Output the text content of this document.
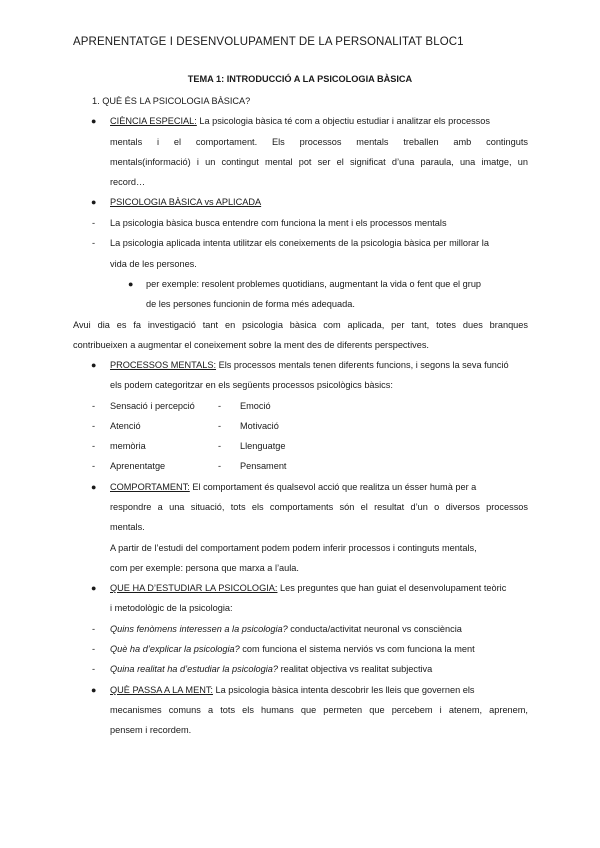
APRENENTATGE I DESENVOLUPAMENT DE LA PERSONALITAT BLOC1
TEMA 1: INTRODUCCIÓ A LA PSICOLOGIA BÀSICA
1. QUÈ ÉS LA PSICOLOGIA BÀSICA?
● CIÈNCIA ESPECIAL: La psicologia bàsica té com a objectiu estudiar i analitzar els processos
mentals i el comportament. Els processos mentals treballen amb continguts
mentals(informació) i un contingut mental pot ser el significat d’una paraula, una imatge, un
record…
● PSICOLOGIA BÀSICA vs APLICADA
- La psicologia bàsica busca entendre com funciona la ment i els processos mentals
- La psicologia aplicada intenta utilitzar els coneixements de la psicologia bàsica per millorar la
vida de les persones.
● per exemple: resolent problemes quotidians, augmentant la vida o fent que el grup
de les persones funcionin de forma més adequada.
Avui dia es fa investigació tant en psicologia bàsica com aplicada, per tant, totes dues branques
contribueixen a augmentar el coneixement sobre la ment des de diferents perspectives.
● PROCESSOS MENTALS: Els processos mentals tenen diferents funcions, i segons la seva funció
els podem categoritzar en els següents processos psicològics bàsics:
- Sensació i percepció	- Emoció
- Atenció	- Motivació
- memòria	- Llenguatge
- Aprenentatge	- Pensament
● COMPORTAMENT: El comportament és qualsevol acció que realitza un ésser humà per a
respondre a una situació, tots els comportaments són el resultat d’un o diversos processos
mentals.
A partir de l’estudi del comportament podem podem inferir processos i continguts mentals,
com per exemple: persona que marxa a l’aula.
● QUE HA D’ESTUDIAR LA PSICOLOGIA: Les preguntes que han guiat el desenvolupament teòric
i metodològic de la psicologia:
- Quins fenòmens interessen a la psicologia? conducta/activitat neuronal vs consciència
- Què ha d’explicar la psicologia? com funciona el sistema nerviós vs com funciona la ment
- Quina realitat ha d’estudiar la psicologia? realitat objectiva vs realitat subjectiva
● QUÈ PASSA A LA MENT: La psicologia bàsica intenta descobrir les lleis que governen els
mecanismes comuns a tots els humans que permeten que percebem i atenem, aprenem,
pensem i recordem.
